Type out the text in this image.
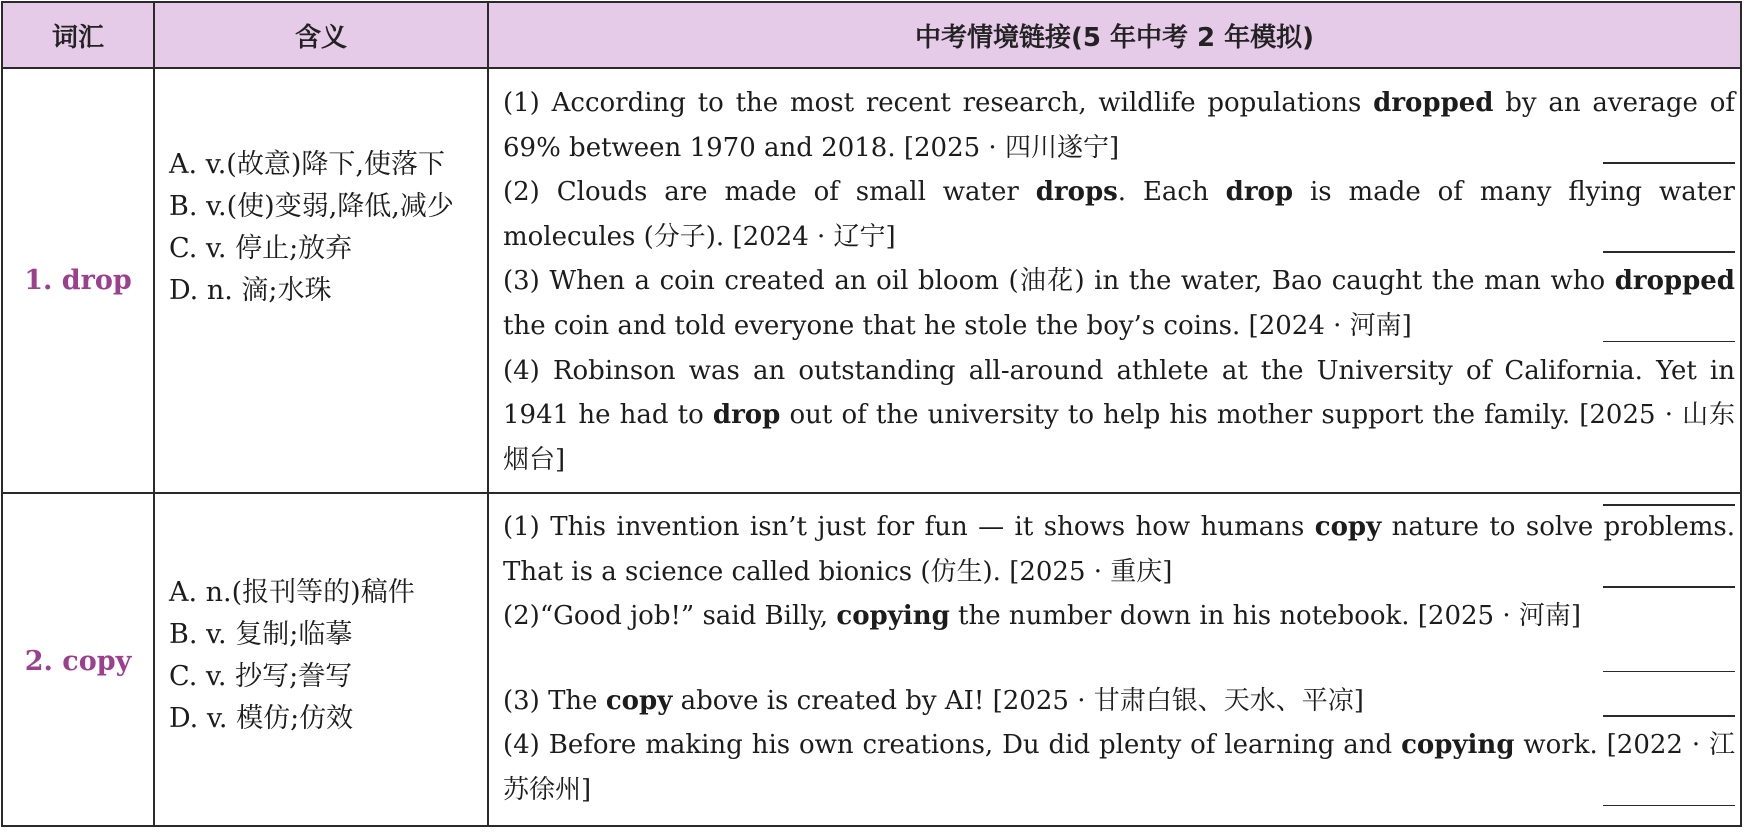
词汇	含义	中考情境链接(5 年中考 2 年模拟)
1. drop
A. v.(故意)降下,使落下
B. v.(使)变弱,降低,减少
C. v. 停止;放弃
D. n. 滴;水珠
(1) According to the most recent research, wildlife populations dropped by an average of 69% between 1970 and 2018. [2025 · 四川遂宁]
(2) Clouds are made of small water drops. Each drop is made of many flying water molecules (分子). [2024 · 辽宁]
(3) When a coin created an oil bloom (油花) in the water, Bao caught the man who dropped the coin and told everyone that he stole the boy’s coins. [2024 · 河南]
(4) Robinson was an outstanding all-around athlete at the University of California. Yet in 1941 he had to drop out of the university to help his mother support the family. [2025 · 山东烟台]
2. copy
A. n.(报刊等的)稿件
B. v. 复制;临摹
C. v. 抄写;誊写
D. v. 模仿;仿效
(1) This invention isn’t just for fun — it shows how humans copy nature to solve problems. That is a science called bionics (仿生). [2025 · 重庆]
(2)“Good job!” said Billy, copying the number down in his notebook. [2025 · 河南]
(3) The copy above is created by AI! [2025 · 甘肃白银、天水、平凉]
(4) Before making his own creations, Du did plenty of learning and copying work. [2022 · 江苏徐州]
